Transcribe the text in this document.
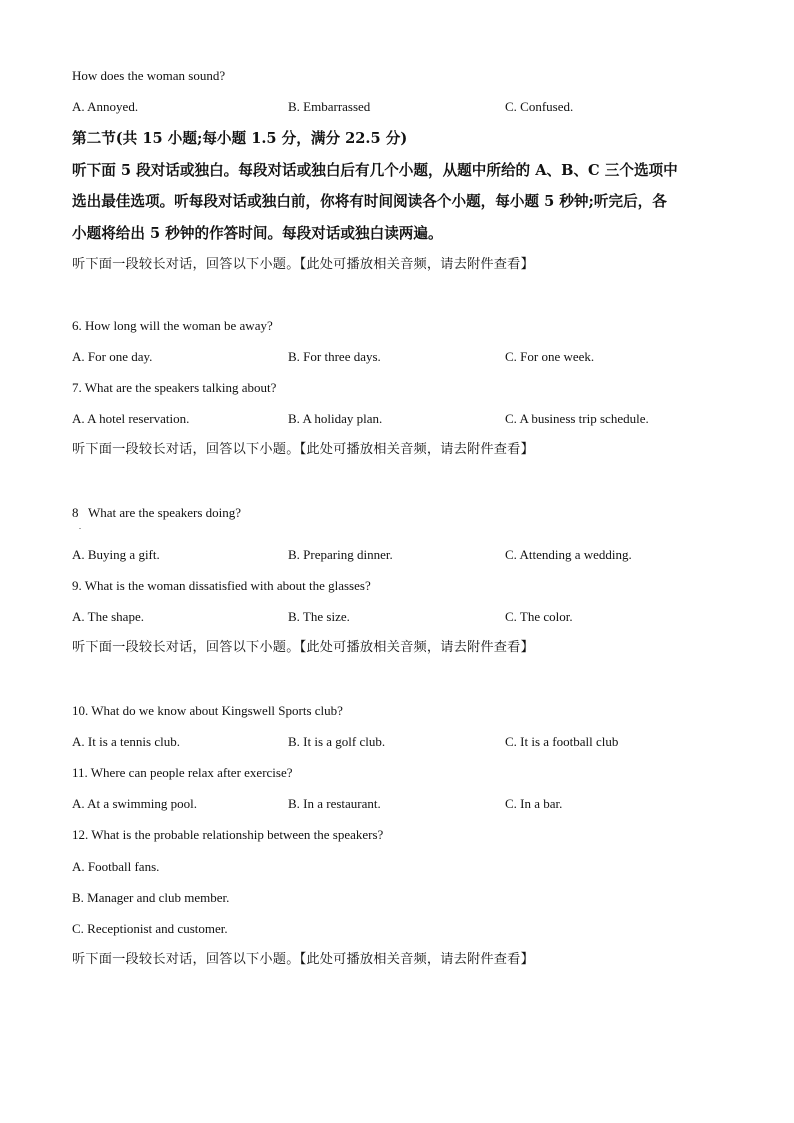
How does the woman sound?
A. Annoyed.	B. Embarrassed	C. Confused.
第二节(共 15 小题;每小题 1.5 分，满分 22.5 分)
听下面 5 段对话或独白。每段对话或独白后有几个小题，从题中所给的 A、B、C 三个选项中
选出最佳选项。听每段对话或独白前，你将有时间阅读各个小题，每小题 5 秒钟;听完后，各
小题将给出 5 秒钟的作答时间。每段对话或独白读两遍。
听下面一段较长对话，回答以下小题。【此处可播放相关音频，请去附件查看】
6. How long will the woman be away?
A. For one day.	B. For three days.	C. For one week.
7. What are the speakers talking about?
A. A hotel reservation.	B. A holiday plan.	C. A business trip schedule.
听下面一段较长对话，回答以下小题。【此处可播放相关音频，请去附件查看】
8   What are the speakers doing?
.
A. Buying a gift.	B. Preparing dinner.	C. Attending a wedding.
9. What is the woman dissatisfied with about the glasses?
A. The shape.	B. The size.	C. The color.
听下面一段较长对话，回答以下小题。【此处可播放相关音频，请去附件查看】
10. What do we know about Kingswell Sports club?
A. It is a tennis club.	B. It is a golf club.	C. It is a football club
11. Where can people relax after exercise?
A. At a swimming pool.	B. In a restaurant.	C. In a bar.
12. What is the probable relationship between the speakers?
A. Football fans.
B. Manager and club member.
C. Receptionist and customer.
听下面一段较长对话，回答以下小题。【此处可播放相关音频，请去附件查看】
